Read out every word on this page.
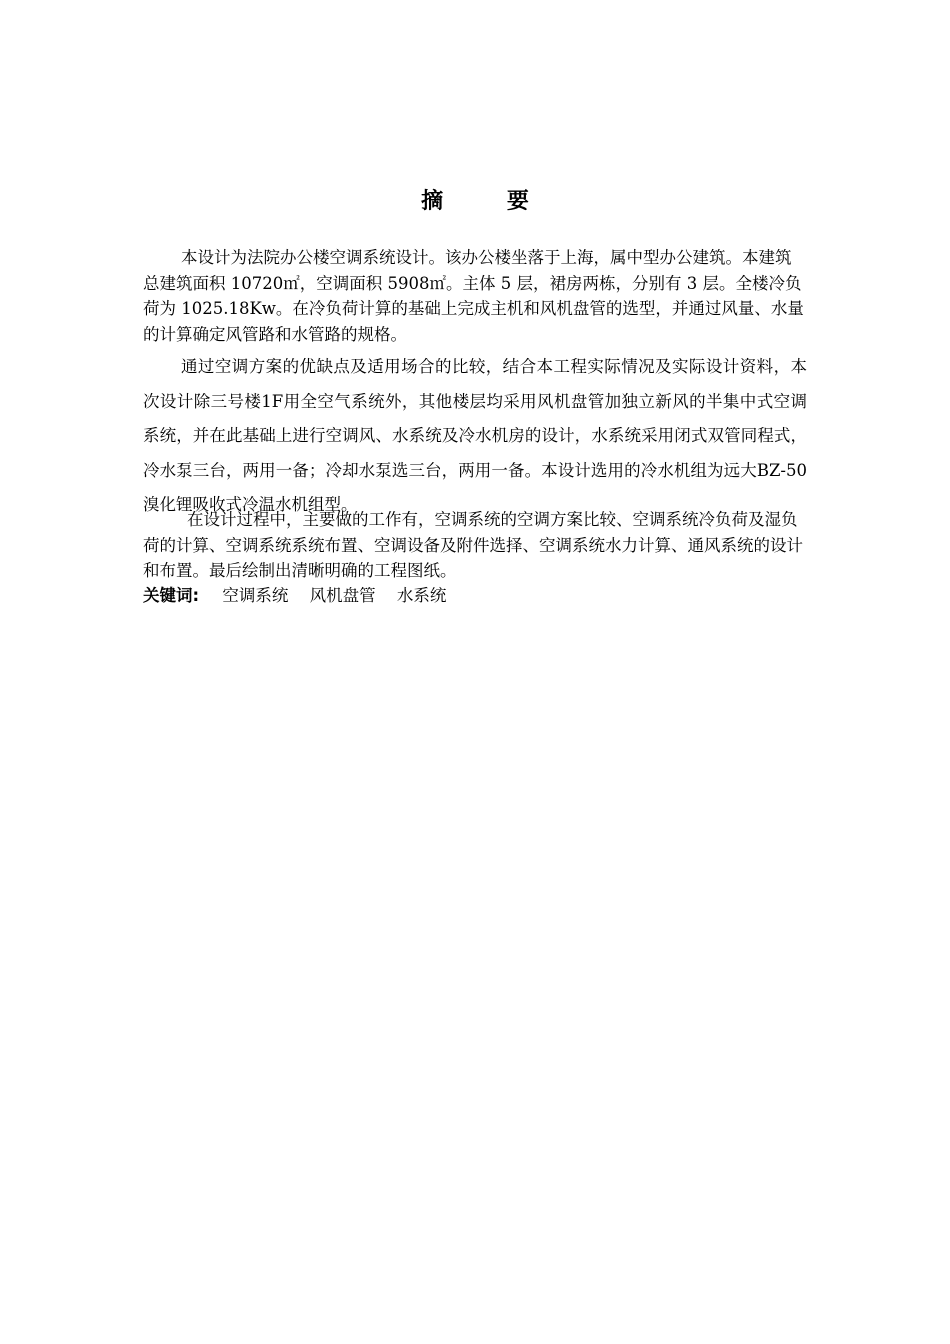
摘 要

本设计为法院办公楼空调系统设计。该办公楼坐落于上海，属中型办公建筑。本建筑总建筑面积 10720㎡，空调面积 5908㎡。主体 5 层，裙房两栋，分别有 3 层。全楼冷负荷为 1025.18Kw。在冷负荷计算的基础上完成主机和风机盘管的选型，并通过风量、水量的计算确定风管路和水管路的规格。

通过空调方案的优缺点及适用场合的比较，结合本工程实际情况及实际设计资料，本次设计除三号楼1F用全空气系统外，其他楼层均采用风机盘管加独立新风的半集中式空调系统，并在此基础上进行空调风、水系统及冷水机房的设计，水系统采用闭式双管同程式，冷水泵三台，两用一备；冷却水泵选三台，两用一备。本设计选用的冷水机组为远大BZ-50溴化锂吸收式冷温水机组型。

在设计过程中，主要做的工作有，空调系统的空调方案比较、空调系统冷负荷及湿负荷的计算、空调系统系统布置、空调设备及附件选择、空调系统水力计算、通风系统的设计和布置。最后绘制出清晰明确的工程图纸。

关键词: 空调系统 风机盘管 水系统
